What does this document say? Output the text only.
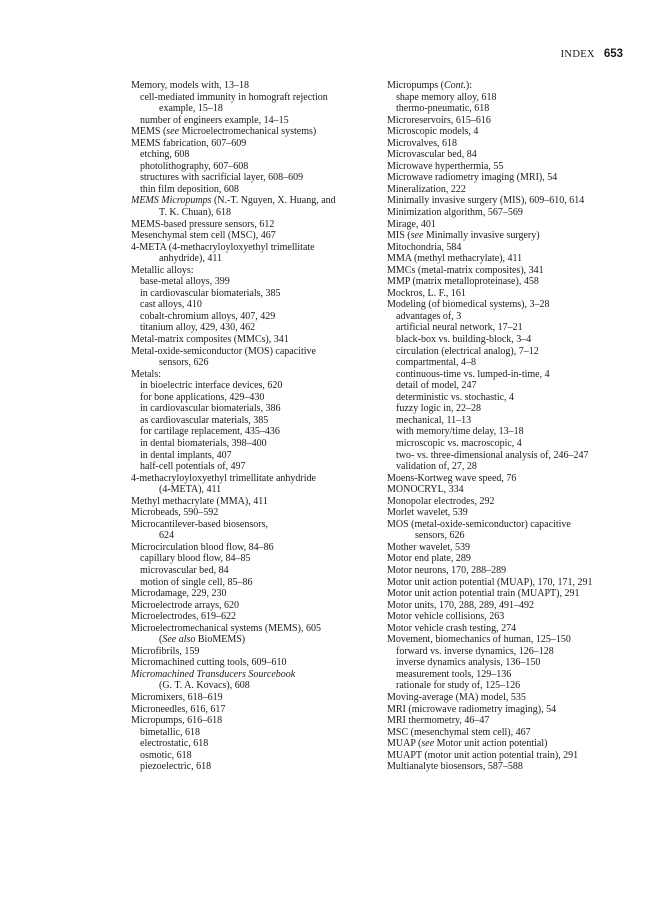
INDEX 653
Memory, models with, 13–18
cell-mediated immunity in homograft rejection
example, 15–18
number of engineers example, 14–15
MEMS (see Microelectromechanical systems)
MEMS fabrication, 607–609
etching, 608
photolithography, 607–608
structures with sacrificial layer, 608–609
thin film deposition, 608
MEMS Micropumps (N.-T. Nguyen, X. Huang, and
T. K. Chuan), 618
MEMS-based pressure sensors, 612
Mesenchymal stem cell (MSC), 467
4-META (4-methacryloyloxyethyl trimellitate
anhydride), 411
Metallic alloys:
base-metal alloys, 399
in cardiovascular biomaterials, 385
cast alloys, 410
cobalt-chromium alloys, 407, 429
titanium alloy, 429, 430, 462
Metal-matrix composites (MMCs), 341
Metal-oxide-semiconductor (MOS) capacitive
sensors, 626
Metals:
in bioelectric interface devices, 620
for bone applications, 429–430
in cardiovascular biomaterials, 386
as cardiovascular materials, 385
for cartilage replacement, 435–436
in dental biomaterials, 398–400
in dental implants, 407
half-cell potentials of, 497
4-methacryloyloxyethyl trimellitate anhydride
(4-META), 411
Methyl methacrylate (MMA), 411
Microbeads, 590–592
Microcantilever-based biosensors,
624
Microcirculation blood flow, 84–86
capillary blood flow, 84–85
microvascular bed, 84
motion of single cell, 85–86
Microdamage, 229, 230
Microelectrode arrays, 620
Microelectrodes, 619–622
Microelectromechanical systems (MEMS), 605
(See also BioMEMS)
Microfibrils, 159
Micromachined cutting tools, 609–610
Micromachined Transducers Sourcebook
(G. T. A. Kovacs), 608
Micromixers, 618–619
Microneedles, 616, 617
Micropumps, 616–618
bimetallic, 618
electrostatic, 618
osmotic, 618
piezoelectric, 618
Micropumps (Cont.):
shape memory alloy, 618
thermo-pneumatic, 618
Microreservoirs, 615–616
Microscopic models, 4
Microvalves, 618
Microvascular bed, 84
Microwave hyperthermia, 55
Microwave radiometry imaging (MRI), 54
Mineralization, 222
Minimally invasive surgery (MIS), 609–610, 614
Minimization algorithm, 567–569
Mirage, 401
MIS (see Minimally invasive surgery)
Mitochondria, 584
MMA (methyl methacrylate), 411
MMCs (metal-matrix composites), 341
MMP (matrix metalloproteinase), 458
Mockros, L. F., 161
Modeling (of biomedical systems), 3–28
advantages of, 3
artificial neural network, 17–21
black-box vs. building-block, 3–4
circulation (electrical analog), 7–12
compartmental, 4–8
continuous-time vs. lumped-in-time, 4
detail of model, 247
deterministic vs. stochastic, 4
fuzzy logic in, 22–28
mechanical, 11–13
with memory/time delay, 13–18
microscopic vs. macroscopic, 4
two- vs. three-dimensional analysis of, 246–247
validation of, 27, 28
Moens-Kortweg wave speed, 76
MONOCRYL, 334
Monopolar electrodes, 292
Morlet wavelet, 539
MOS (metal-oxide-semiconductor) capacitive
sensors, 626
Mother wavelet, 539
Motor end plate, 289
Motor neurons, 170, 288–289
Motor unit action potential (MUAP), 170, 171, 291
Motor unit action potential train (MUAPT), 291
Motor units, 170, 288, 289, 491–492
Motor vehicle collisions, 263
Motor vehicle crash testing, 274
Movement, biomechanics of human, 125–150
forward vs. inverse dynamics, 126–128
inverse dynamics analysis, 136–150
measurement tools, 129–136
rationale for study of, 125–126
Moving-average (MA) model, 535
MRI (microwave radiometry imaging), 54
MRI thermometry, 46–47
MSC (mesenchymal stem cell), 467
MUAP (see Motor unit action potential)
MUAPT (motor unit action potential train), 291
Multianalyte biosensors, 587–588
